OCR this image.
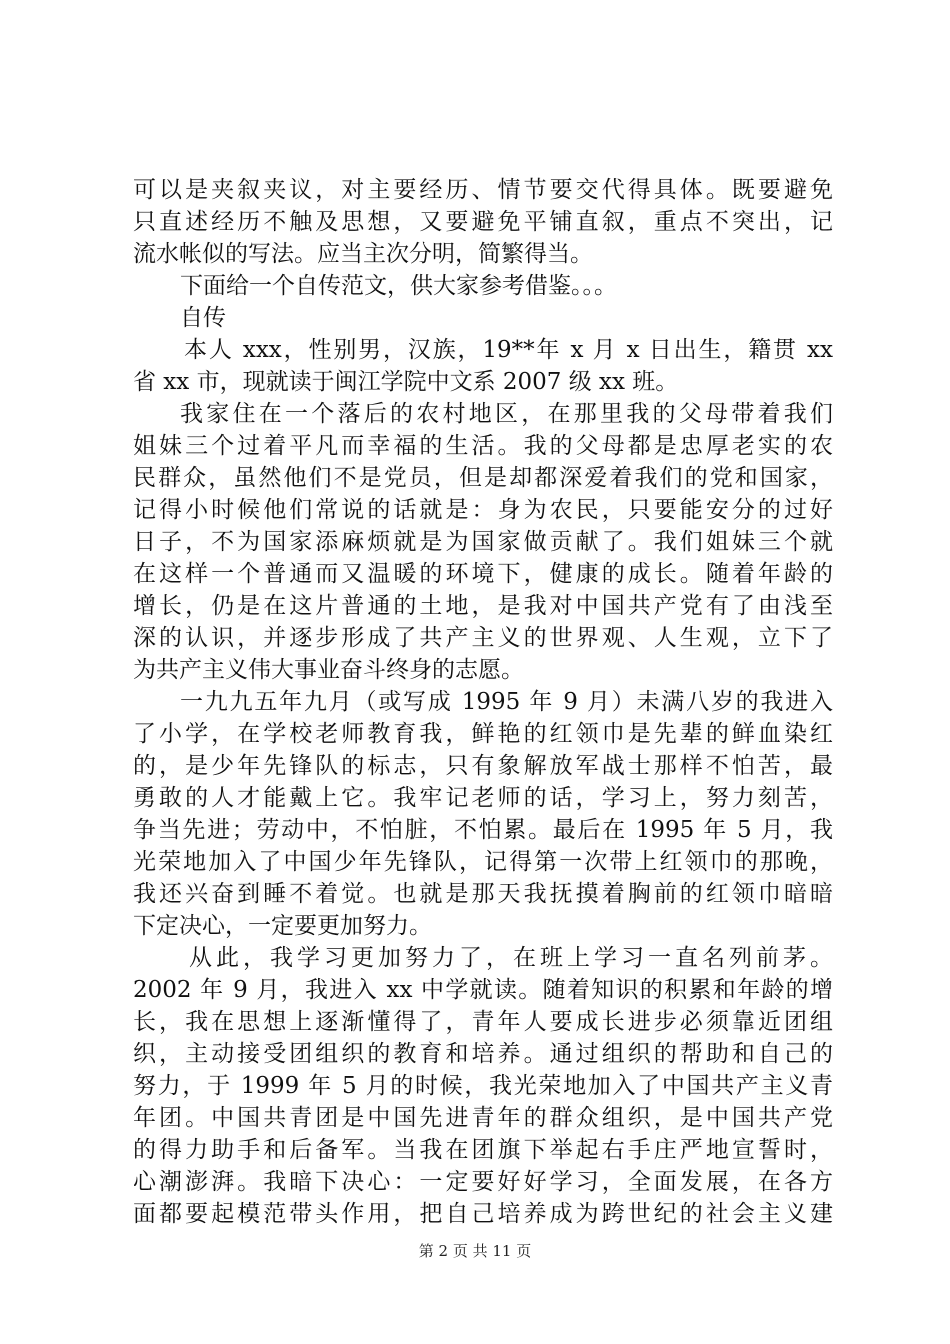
可以是夹叙夹议，对主要经历、情节要交代得具体。既要避免
只直述经历不触及思想，又要避免平铺直叙，重点不突出，记
流水帐似的写法。应当主次分明，简繁得当。
下面给一个自传范文，供大家参考借鉴。。。
自传
本人 xxx，性别男，汉族，19**年 x 月 x 日出生，籍贯 xx
省 xx 市，现就读于闽江学院中文系 2007 级 xx 班。
我家住在一个落后的农村地区，在那里我的父母带着我们
姐妹三个过着平凡而幸福的生活。我的父母都是忠厚老实的农
民群众，虽然他们不是党员，但是却都深爱着我们的党和国家，
记得小时候他们常说的话就是：身为农民，只要能安分的过好
日子，不为国家添麻烦就是为国家做贡献了。我们姐妹三个就
在这样一个普通而又温暖的环境下，健康的成长。随着年龄的
增长，仍是在这片普通的土地，是我对中国共产党有了由浅至
深的认识，并逐步形成了共产主义的世界观、人生观，立下了
为共产主义伟大事业奋斗终身的志愿。
一九九五年九月（或写成 1995 年 9 月）未满八岁的我进入
了小学，在学校老师教育我，鲜艳的红领巾是先辈的鲜血染红
的，是少年先锋队的标志，只有象解放军战士那样不怕苦，最
勇敢的人才能戴上它。我牢记老师的话，学习上，努力刻苦，
争当先进；劳动中，不怕脏，不怕累。最后在 1995 年 5 月，我
光荣地加入了中国少年先锋队，记得第一次带上红领巾的那晚，
我还兴奋到睡不着觉。也就是那天我抚摸着胸前的红领巾暗暗
下定决心，一定要更加努力。
从此，我学习更加努力了，在班上学习一直名列前茅。
2002 年 9 月，我进入 xx 中学就读。随着知识的积累和年龄的增
长，我在思想上逐渐懂得了，青年人要成长进步必须靠近团组
织，主动接受团组织的教育和培养。通过组织的帮助和自己的
努力，于 1999 年 5 月的时候，我光荣地加入了中国共产主义青
年团。中国共青团是中国先进青年的群众组织，是中国共产党
的得力助手和后备军。当我在团旗下举起右手庄严地宣誓时，
心潮澎湃。我暗下决心：一定要好好学习，全面发展，在各方
面都要起模范带头作用，把自己培养成为跨世纪的社会主义建
第 2 页 共 11 页
